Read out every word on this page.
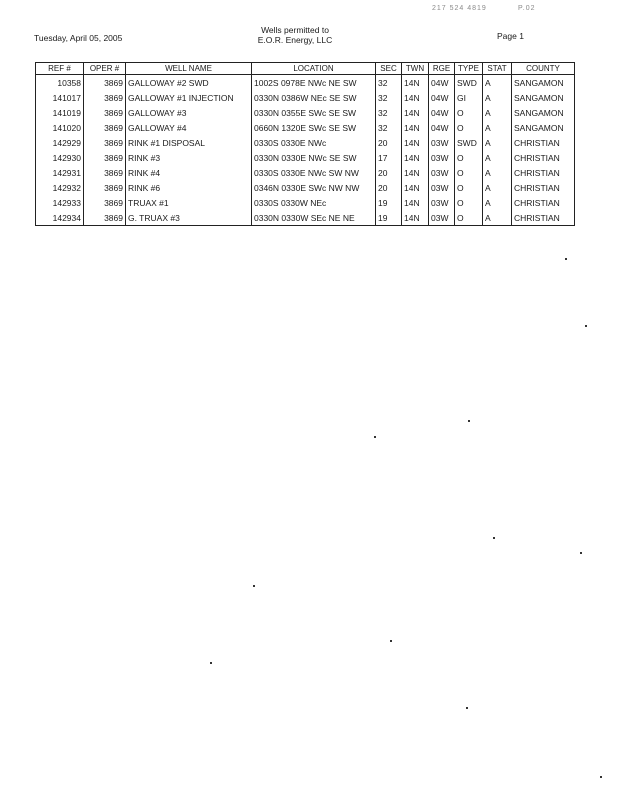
217 524 4819	P.02
Tuesday, April 05, 2005
Wells permitted to
E.O.R. Energy, LLC	Page 1
REF #	OPER #	WELL NAME	LOCATION	SEC	TWN	RGE	TYPE	STAT	COUNTY
10358	3869	GALLOWAY #2 SWD	1002S 0978E NWc NE SW	32	14N	04W	SWD	A	SANGAMON
141017	3869	GALLOWAY #1 INJECTION	0330N 0386W NEc SE SW	32	14N	04W	GI	A	SANGAMON
141019	3869	GALLOWAY #3	0330N 0355E SWc SE SW	32	14N	04W	O	A	SANGAMON
141020	3869	GALLOWAY #4	0660N 1320E SWc SE SW	32	14N	04W	O	A	SANGAMON
142929	3869	RINK #1 DISPOSAL	0330S 0330E NWc	20	14N	03W	SWD	A	CHRISTIAN
142930	3869	RINK #3	0330N 0330E NWc SE SW	17	14N	03W	O	A	CHRISTIAN
142931	3869	RINK #4	0330S 0330E NWc SW NW	20	14N	03W	O	A	CHRISTIAN
142932	3869	RINK #6	0346N 0330E SWc NW NW	20	14N	03W	O	A	CHRISTIAN
142933	3869	TRUAX #1	0330S 0330W NEc	19	14N	03W	O	A	CHRISTIAN
142934	3869	G. TRUAX #3	0330N 0330W SEc NE NE	19	14N	03W	O	A	CHRISTIAN
